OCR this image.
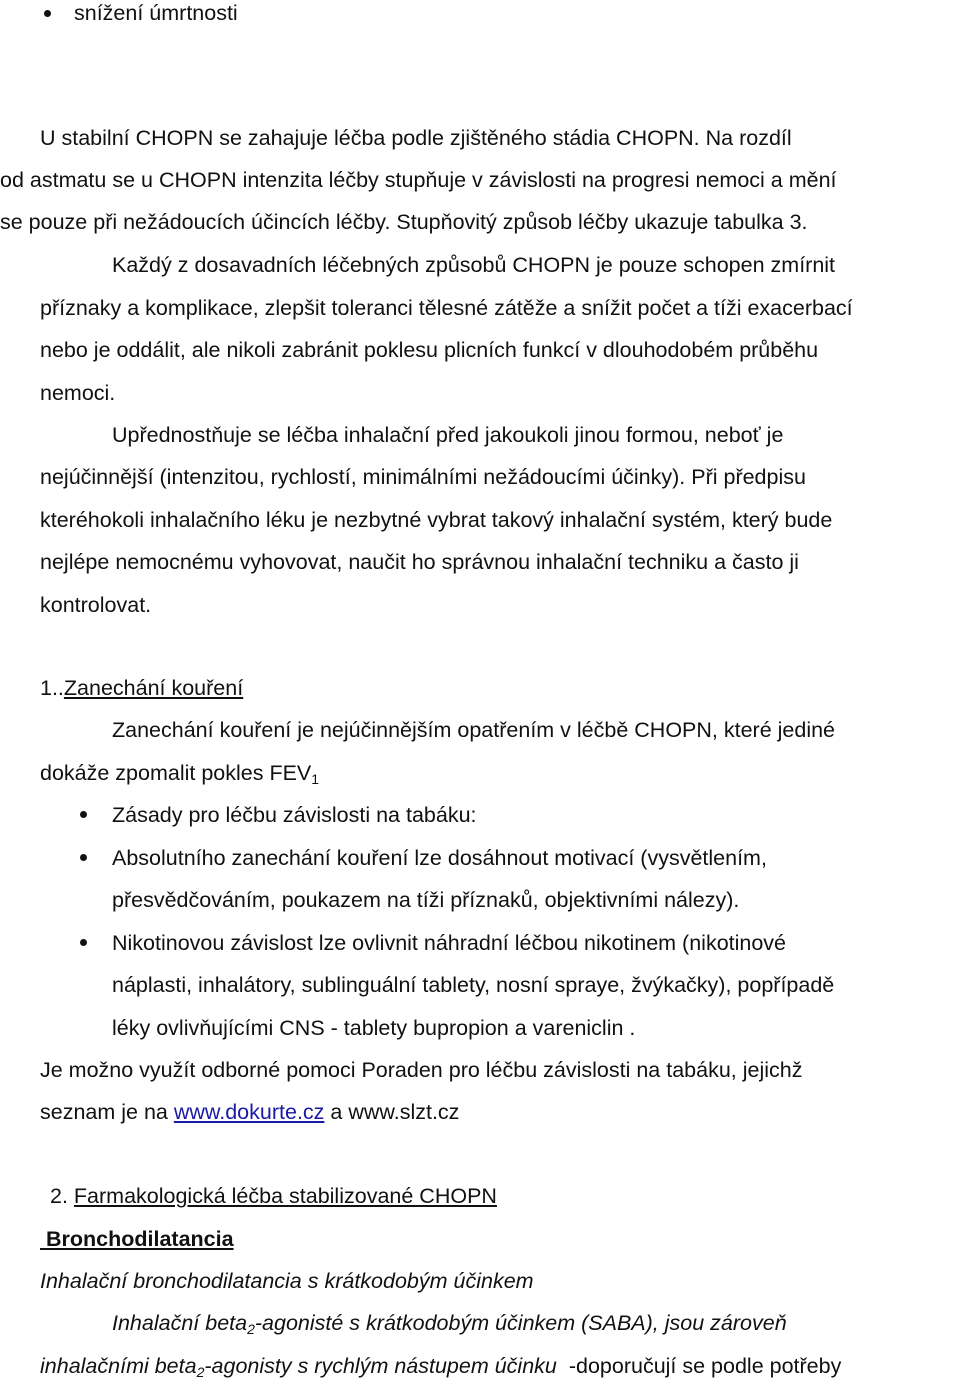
snížení úmrtnosti
U stabilní CHOPN se zahajuje léčba podle zjištěného stádia CHOPN. Na rozdíl
od astmatu se u CHOPN intenzita léčby stupňuje v závislosti na progresi nemoci a mění
se pouze při nežádoucích účincích léčby. Stupňovitý způsob léčby ukazuje tabulka 3.
Každý z dosavadních léčebných způsobů CHOPN je pouze schopen zmírnit
příznaky a komplikace, zlepšit toleranci tělesné zátěže a snížit počet a tíži exacerbací
nebo je oddálit, ale nikoli zabránit poklesu plicních funkcí v dlouhodobém průběhu
nemoci.
Upřednostňuje se léčba inhalační před jakoukoli jinou formou, neboť je
nejúčinnější (intenzitou, rychlostí, minimálními nežádoucími účinky). Při předpisu
kteréhokoli inhalačního léku je nezbytné vybrat takový inhalační systém, který bude
nejlépe nemocnému vyhovovat, naučit ho správnou inhalační techniku a často ji
kontrolovat.
1..Zanechání kouření
Zanechání kouření je nejúčinnějším opatřením v léčbě CHOPN, které jediné
dokáže zpomalit pokles $FEV_1$
Zásady pro léčbu závislosti na tabáku:
Absolutního zanechání kouření lze dosáhnout motivací (vysvětlením,
přesvědčováním, poukazem na tíži příznaků, objektivními nálezy).
Nikotinovou závislost lze ovlivnit náhradní léčbou nikotinem (nikotinové
náplasti, inhalátory, sublinguální tablety, nosní spraye, žvýkačky), popřípadě
léky ovlivňujícími CNS - tablety bupropion a vareniclin .
Je možno využít odborné pomoci Poraden pro léčbu závislosti na tabáku, jejichž
seznam je na www.dokurte.cz a www.slzt.cz
2. Farmakologická léčba stabilizované CHOPN
Bronchodilatancia
Inhalační bronchodilatancia s krátkodobým účinkem
Inhalační beta$_2$-agonisté s krátkodobým účinkem (SABA), jsou zároveň
inhalačními beta$_2$-agonisty s rychlým nástupem účinku  -doporučují se podle potřeby
